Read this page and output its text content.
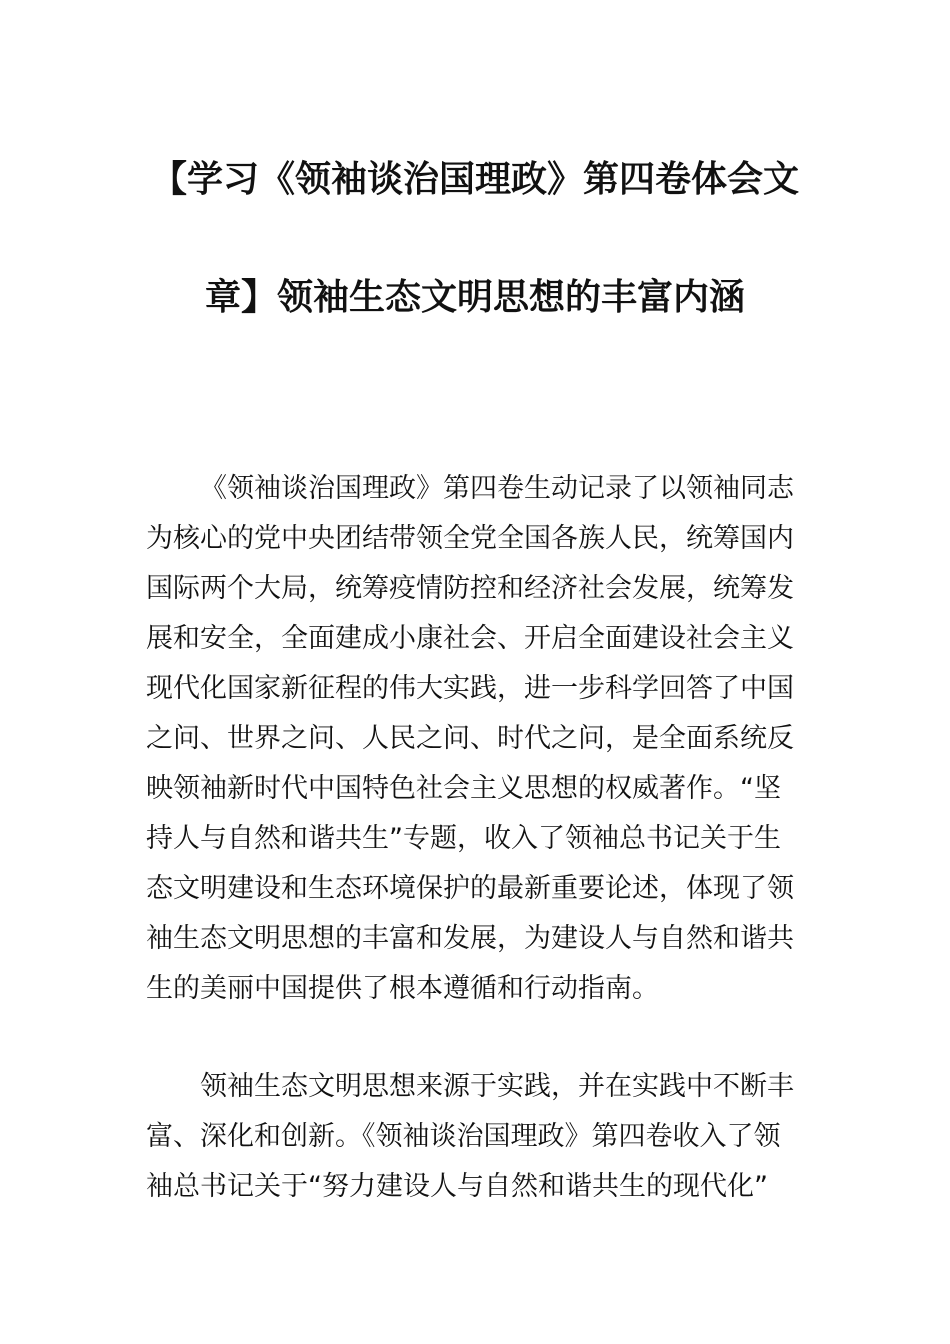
【学习《领袖谈治国理政》第四卷体会文
章】领袖生态文明思想的丰富内涵
《领袖谈治国理政》第四卷生动记录了以领袖同志
为核心的党中央团结带领全党全国各族人民，统筹国内
国际两个大局，统筹疫情防控和经济社会发展，统筹发
展和安全，全面建成小康社会、开启全面建设社会主义
现代化国家新征程的伟大实践，进一步科学回答了中国
之问、世界之问、人民之问、时代之问，是全面系统反
映领袖新时代中国特色社会主义思想的权威著作。“坚
持人与自然和谐共生”专题，收入了领袖总书记关于生
态文明建设和生态环境保护的最新重要论述，体现了领
袖生态文明思想的丰富和发展，为建设人与自然和谐共
生的美丽中国提供了根本遵循和行动指南。
领袖生态文明思想来源于实践，并在实践中不断丰
富、深化和创新。《领袖谈治国理政》第四卷收入了领
袖总书记关于“努力建设人与自然和谐共生的现代化”
